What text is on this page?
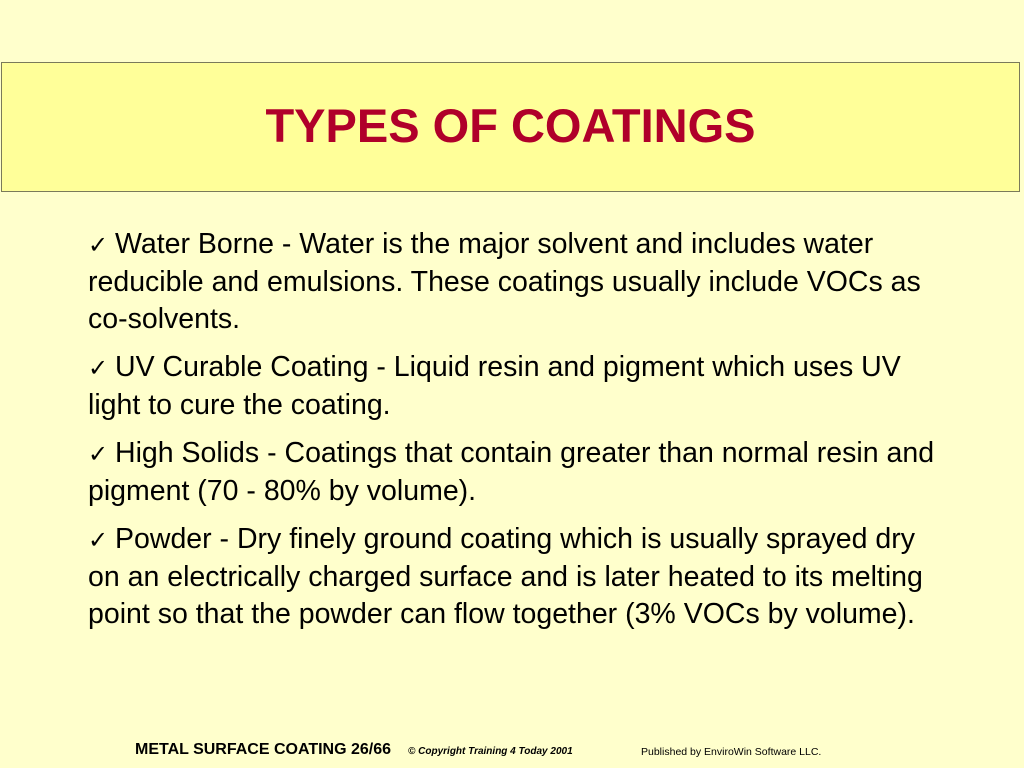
TYPES OF COATINGS

✓ Water Borne - Water is the major solvent and includes water reducible and emulsions. These coatings usually include VOCs as co-solvents.

✓ UV Curable Coating - Liquid resin and pigment which uses UV light to cure the coating.

✓ High Solids - Coatings that contain greater than normal resin and pigment (70 - 80% by volume).

✓ Powder - Dry finely ground coating which is usually sprayed dry on an electrically charged surface and is later heated to its melting point so that the powder can flow together (3% VOCs by volume).

METAL SURFACE COATING 26/66 © Copyright Training 4 Today 2001	Published by EnviroWin Software LLC.
